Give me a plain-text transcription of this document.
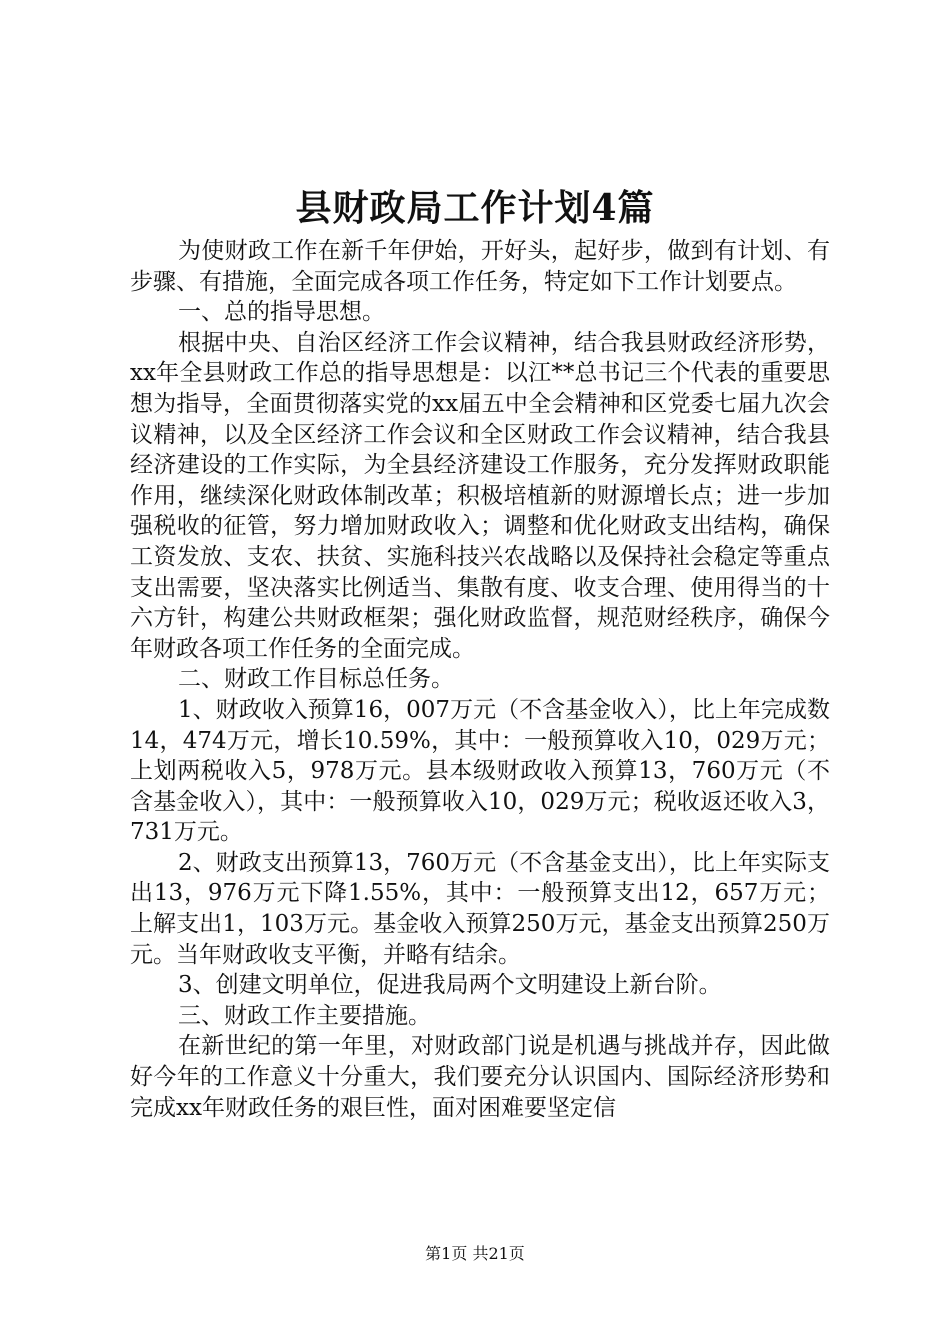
县财政局工作计划4篇

为使财政工作在新千年伊始，开好头，起好步，做到有计划、有步骤、有措施，全面完成各项工作任务，特定如下工作计划要点。

一、总的指导思想。

根据中央、自治区经济工作会议精神，结合我县财政经济形势，xx年全县财政工作总的指导思想是：以江**总书记三个代表的重要思想为指导，全面贯彻落实党的xx届五中全会精神和区党委七届九次会议精神，以及全区经济工作会议和全区财政工作会议精神，结合我县经济建设的工作实际，为全县经济建设工作服务，充分发挥财政职能作用，继续深化财政体制改革；积极培植新的财源增长点；进一步加强税收的征管，努力增加财政收入；调整和优化财政支出结构，确保工资发放、支农、扶贫、实施科技兴农战略以及保持社会稳定等重点支出需要，坚决落实比例适当、集散有度、收支合理、使用得当的十六方针，构建公共财政框架；强化财政监督，规范财经秩序，确保今年财政各项工作任务的全面完成。

二、财政工作目标总任务。

1、财政收入预算16，007万元（不含基金收入），比上年完成数14，474万元，增长10.59%，其中：一般预算收入10，029万元；上划两税收入5，978万元。县本级财政收入预算13，760万元（不含基金收入），其中：一般预算收入10，029万元；税收返还收入3，731万元。

2、财政支出预算13，760万元（不含基金支出），比上年实际支出13，976万元下降1.55%，其中：一般预算支出12，657万元；上解支出1，103万元。基金收入预算250万元，基金支出预算250万元。当年财政收支平衡，并略有结余。

3、创建文明单位，促进我局两个文明建设上新台阶。

三、财政工作主要措施。

在新世纪的第一年里，对财政部门说是机遇与挑战并存，因此做好今年的工作意义十分重大，我们要充分认识国内、国际经济形势和完成xx年财政任务的艰巨性，面对困难要坚定信

第1页 共21页
